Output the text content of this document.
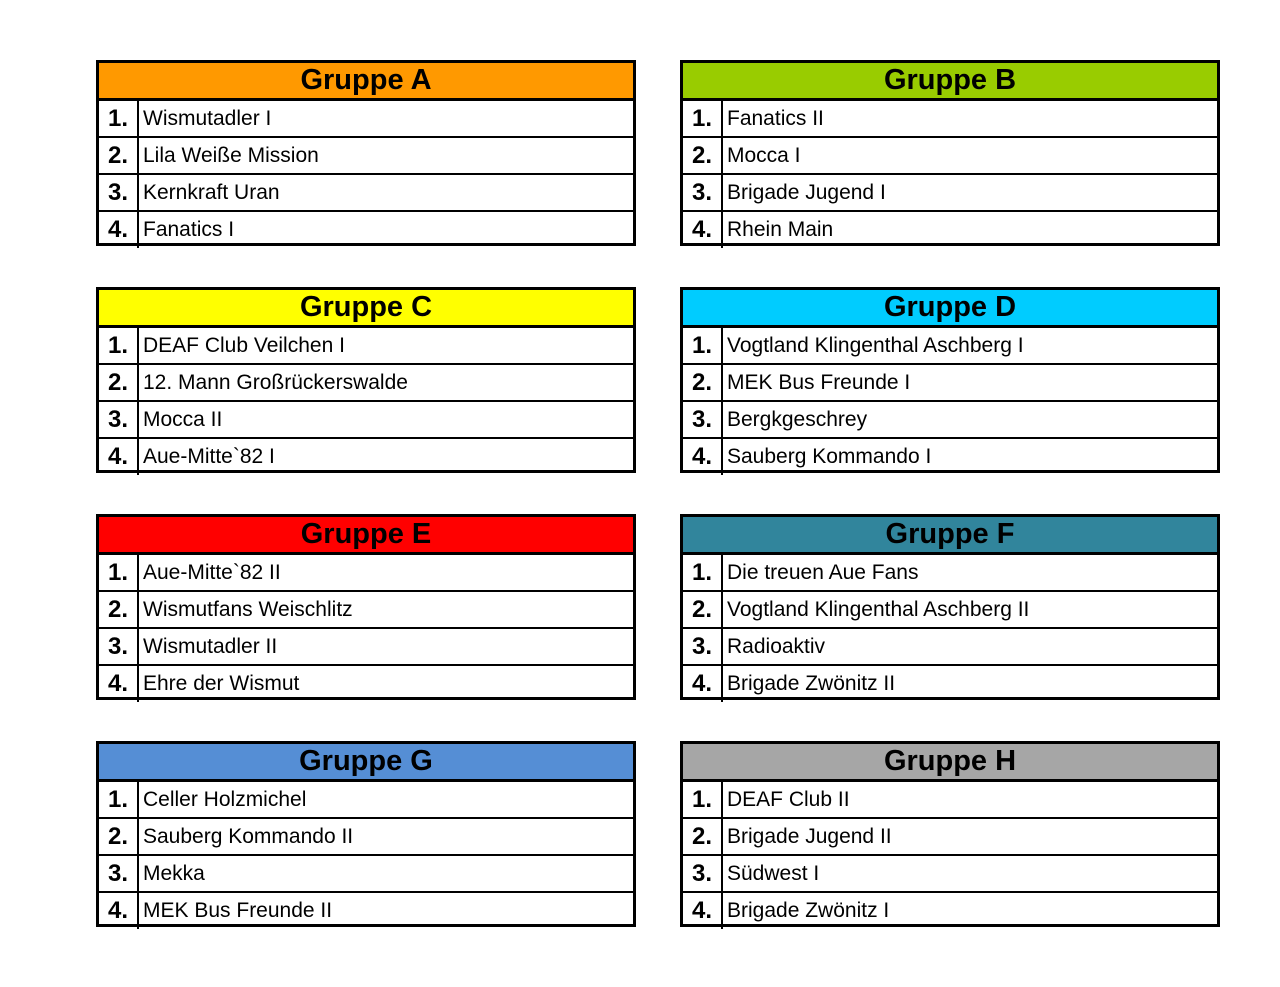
Gruppe A
1. Wismutadler I
2. Lila Weiße Mission
3. Kernkraft Uran
4. Fanatics I
Gruppe B
1. Fanatics II
2. Mocca I
3. Brigade Jugend I
4. Rhein Main
Gruppe C
1. DEAF Club Veilchen I
2. 12. Mann Großrückerswalde
3. Mocca II
4. Aue-Mitte`82 I
Gruppe D
1. Vogtland Klingenthal Aschberg I
2. MEK Bus Freunde I
3. Bergkgeschrey
4. Sauberg Kommando I
Gruppe E
1. Aue-Mitte`82 II
2. Wismutfans Weischlitz
3. Wismutadler II
4. Ehre der Wismut
Gruppe F
1. Die treuen Aue Fans
2. Vogtland Klingenthal Aschberg II
3. Radioaktiv
4. Brigade Zwönitz II
Gruppe G
1. Celler Holzmichel
2. Sauberg Kommando II
3. Mekka
4. MEK Bus Freunde II
Gruppe H
1. DEAF Club II
2. Brigade Jugend II
3. Südwest I
4. Brigade Zwönitz I
